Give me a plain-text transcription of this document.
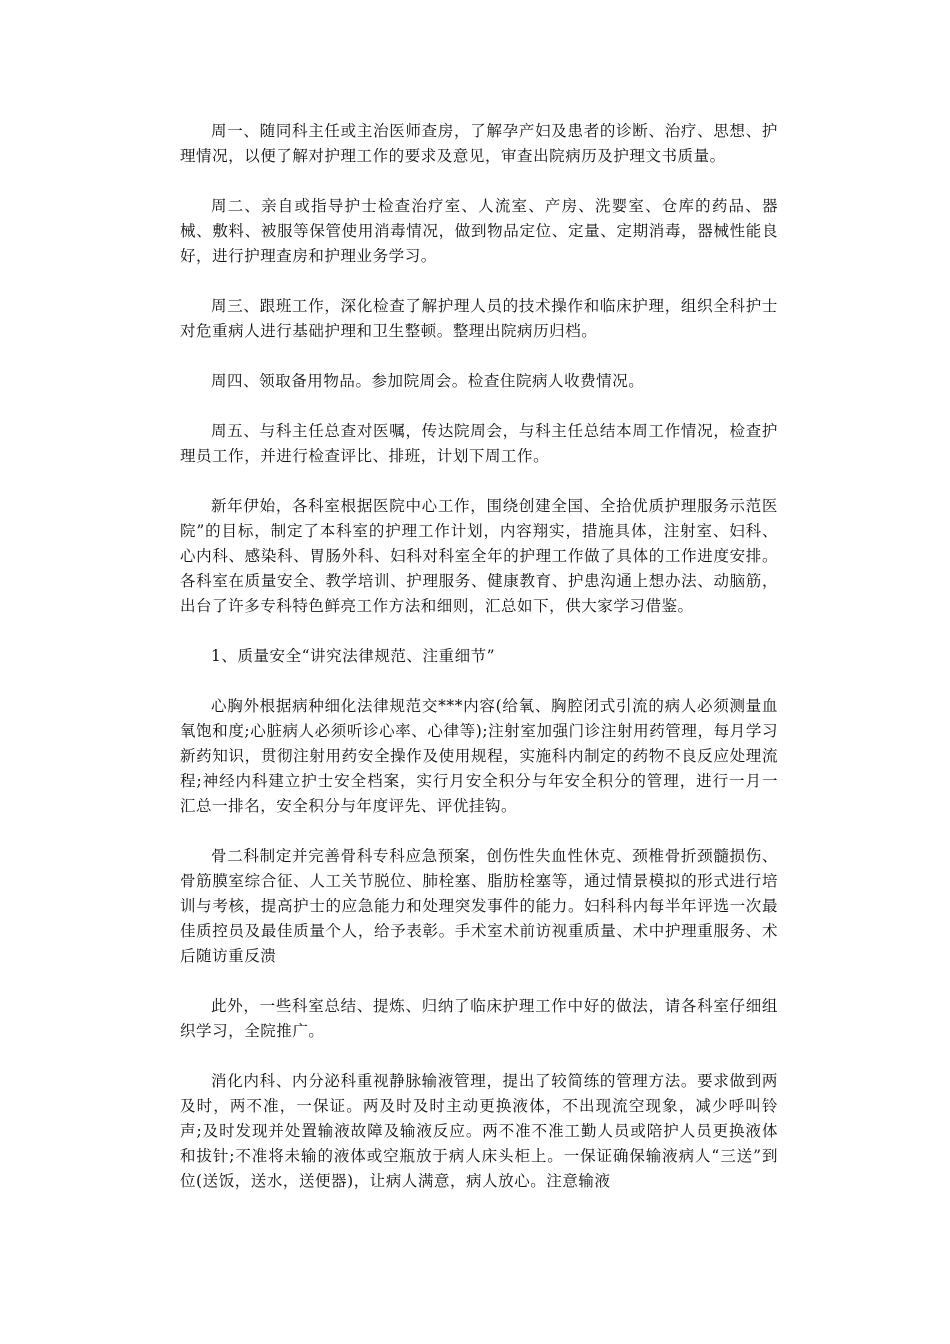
周一、随同科主任或主治医师查房，了解孕产妇及患者的诊断、治疗、思想、护理情况，以便了解对护理工作的要求及意见，审查出院病历及护理文书质量。

周二、亲自或指导护士检查治疗室、人流室、产房、洗婴室、仓库的药品、器械、敷料、被服等保管使用消毒情况，做到物品定位、定量、定期消毒，器械性能良好，进行护理查房和护理业务学习。

周三、跟班工作，深化检查了解护理人员的技术操作和临床护理，组织全科护士对危重病人进行基础护理和卫生整顿。整理出院病历归档。

周四、领取备用物品。参加院周会。检查住院病人收费情况。

周五、与科主任总查对医嘱，传达院周会，与科主任总结本周工作情况，检查护理员工作，并进行检查评比、排班，计划下周工作。

新年伊始，各科室根据医院中心工作，围绕创建全国、全拾优质护理服务示范医院”的目标，制定了本科室的护理工作计划，内容翔实，措施具体，注射室、妇科、心内科、感染科、胃肠外科、妇科对科室全年的护理工作做了具体的工作进度安排。各科室在质量安全、教学培训、护理服务、健康教育、护患沟通上想办法、动脑筋，出台了许多专科特色鲜亮工作方法和细则，汇总如下，供大家学习借鉴。

1、质量安全“讲究法律规范、注重细节”

心胸外根据病种细化法律规范交***内容(给氧、胸腔闭式引流的病人必须测量血氧饱和度;心脏病人必须听诊心率、心律等);注射室加强门诊注射用药管理，每月学习新药知识，贯彻注射用药安全操作及使用规程，实施科内制定的药物不良反应处理流程;神经内科建立护士安全档案，实行月安全积分与年安全积分的管理，进行一月一汇总一排名，安全积分与年度评先、评优挂钩。

骨二科制定并完善骨科专科应急预案，创伤性失血性休克、颈椎骨折颈髓损伤、骨筋膜室综合征、人工关节脱位、肺栓塞、脂肪栓塞等，通过情景模拟的形式进行培训与考核，提高护士的应急能力和处理突发事件的能力。妇科科内每半年评选一次最佳质控员及最佳质量个人，给予表彰。手术室术前访视重质量、术中护理重服务、术后随访重反溃

此外，一些科室总结、提炼、归纳了临床护理工作中好的做法，请各科室仔细组织学习，全院推广。

消化内科、内分泌科重视静脉输液管理，提出了较简练的管理方法。要求做到两及时，两不准，一保证。两及时及时主动更换液体，不出现流空现象，减少呼叫铃声;及时发现并处置输液故障及输液反应。两不准不准工勤人员或陪护人员更换液体和拔针;不准将未输的液体或空瓶放于病人床头柜上。一保证确保输液病人“三送”到位(送饭，送水，送便器)，让病人满意，病人放心。注意输液
